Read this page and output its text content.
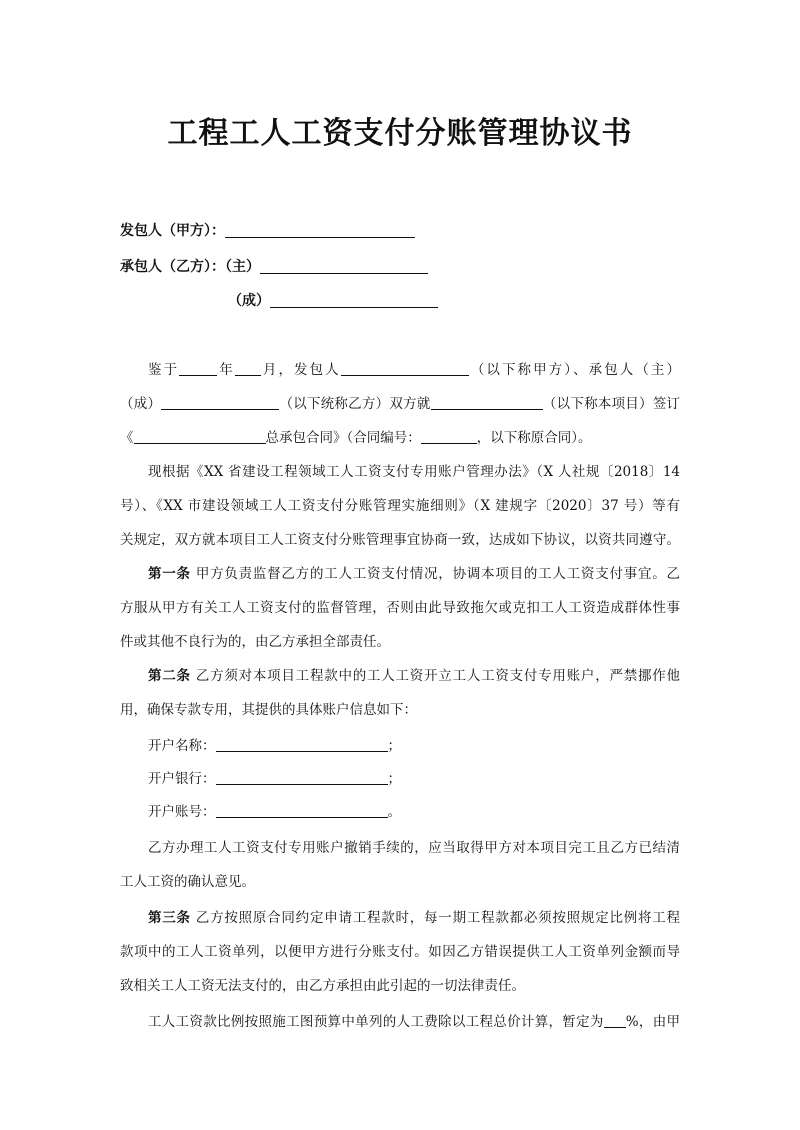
工程工人工资支付分账管理协议书
发包人（甲方）：
承包人（乙方）：（主）
（成）
鉴于	年 月，发包人	（以下称甲方）、承包人（主）
（成）	（以下统称乙方）双方就	（以下称本项目）签订
《	总承包合同》（合同编号：	，以下称原合同）。
现根据《XX 省建设工程领域工人工资支付专用账户管理办法》（X 人社规〔2018〕14
号）、《XX 市建设领域工人工资支付分账管理实施细则》（X 建规字〔2020〕37 号）等有
关规定，双方就本项目工人工资支付分账管理事宜协商一致，达成如下协议，以资共同遵守。
第一条 甲方负责监督乙方的工人工资支付情况，协调本项目的工人工资支付事宜。乙
方服从甲方有关工人工资支付的监督管理，否则由此导致拖欠或克扣工人工资造成群体性事
件或其他不良行为的，由乙方承担全部责任。
第二条 乙方须对本项目工程款中的工人工资开立工人工资支付专用账户，严禁挪作他
用，确保专款专用，其提供的具体账户信息如下：
开户名称：	；
开户银行：	；
开户账号：	。
乙方办理工人工资支付专用账户撤销手续的，应当取得甲方对本项目完工且乙方已结清
工人工资的确认意见。
第三条 乙方按照原合同约定申请工程款时，每一期工程款都必须按照规定比例将工程
款项中的工人工资单列，以便甲方进行分账支付。如因乙方错误提供工人工资单列金额而导
致相关工人工资无法支付的，由乙方承担由此引起的一切法律责任。
工人工资款比例按照施工图预算中单列的人工费除以工程总价计算，暂定为 %，由甲
